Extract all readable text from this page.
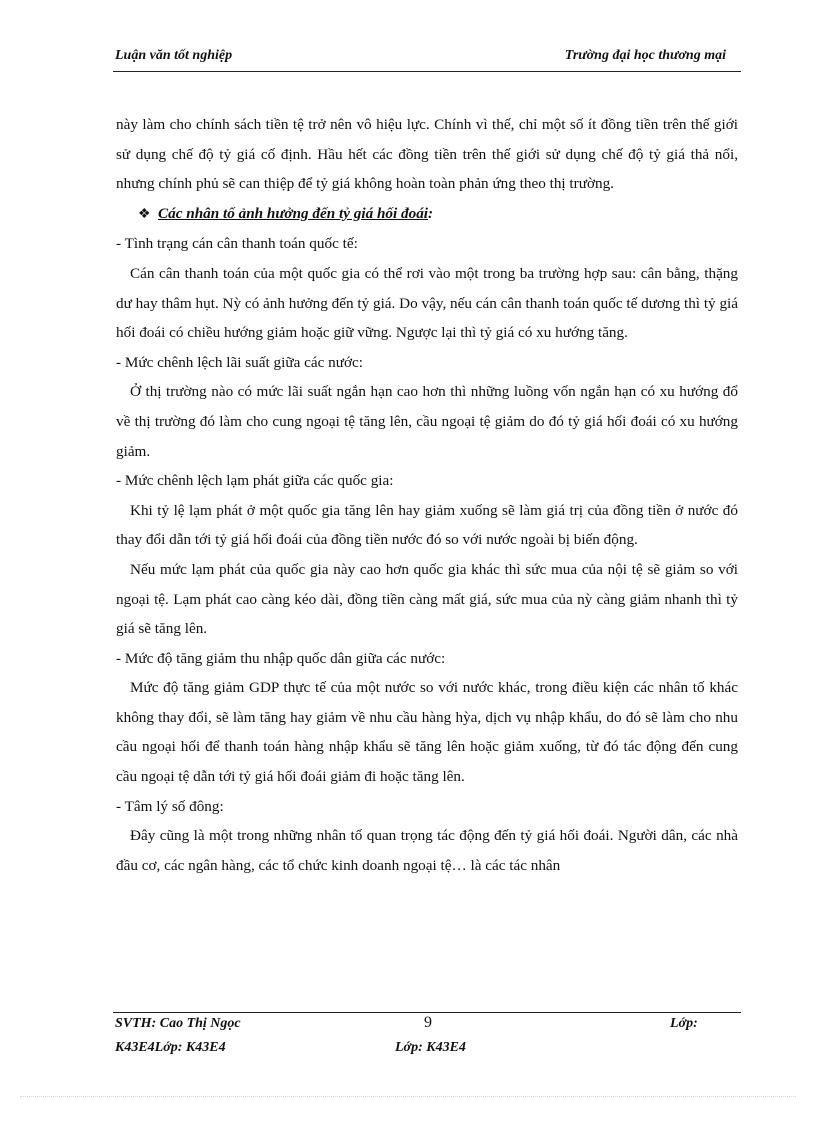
Luận văn tốt nghiệp	Trường đại học thương mại

này làm cho chính sách tiền tệ trở nên vô hiệu lực. Chính vì thế, chỉ một số ít đồng tiền trên thế giới sử dụng chế độ tỷ giá cố định. Hầu hết các đồng tiền trên thế giới sử dụng chế độ tỷ giá thả nổi, nhưng chính phủ sẽ can thiệp để tỷ giá không hoàn toàn phản ứng theo thị trường.

❖ Các nhân tố ảnh hưởng đến tỷ giá hối đoái:

- Tình trạng cán cân thanh toán quốc tế:

Cán cân thanh toán của một quốc gia có thể rơi vào một trong ba trường hợp sau: cân bằng, thặng dư hay thâm hụt. Nỳ có ảnh hưởng đến tỷ giá. Do vậy, nếu cán cân thanh toán quốc tế dương thì tỷ giá hối đoái có chiều hướng giảm hoặc giữ vững. Ngược lại thì tỷ giá có xu hướng tăng.

- Mức chênh lệch lãi suất giữa các nước:

Ở thị trường nào có mức lãi suất ngắn hạn cao hơn thì những luồng vốn ngắn hạn có xu hướng đổ về thị trường đó làm cho cung ngoại tệ tăng lên, cầu ngoại tệ giảm do đó tỷ giá hối đoái có xu hướng giảm.

- Mức chênh lệch lạm phát giữa các quốc gia:

Khi tỷ lệ lạm phát ở một quốc gia tăng lên hay giảm xuống sẽ làm giá trị của đồng tiền ở nước đó thay đổi dẫn tới tỷ giá hối đoái của đồng tiền nước đó so với nước ngoài bị biến động.

Nếu mức lạm phát của quốc gia này cao hơn quốc gia khác thì sức mua của nội tệ sẽ giảm so với ngoại tệ. Lạm phát cao càng kéo dài, đồng tiền càng mất giá, sức mua của nỳ càng giảm nhanh thì tỷ giá sẽ tăng lên.

- Mức độ tăng giảm thu nhập quốc dân giữa các nước:

Mức độ tăng giảm GDP thực tế của một nước so với nước khác, trong điều kiện các nhân tố khác không thay đổi, sẽ làm tăng hay giảm về nhu cầu hàng hỳa, dịch vụ nhập khẩu, do đó sẽ làm cho nhu cầu ngoại hối để thanh toán hàng nhập khẩu sẽ tăng lên hoặc giảm xuống, từ đó tác động đến cung cầu ngoại tệ dẫn tới tỷ giá hối đoái giảm đi hoặc tăng lên.

- Tâm lý số đông:

Đây cũng là một trong những nhân tố quan trọng tác động đến tỷ giá hối đoái. Người dân, các nhà đầu cơ, các ngân hàng, các tổ chức kinh doanh ngoại tệ… là các tác nhân

SVTH: Cao Thị Ngọc	9	Lớp:
K43E4Lớp: K43E4	Lớp: K43E4
